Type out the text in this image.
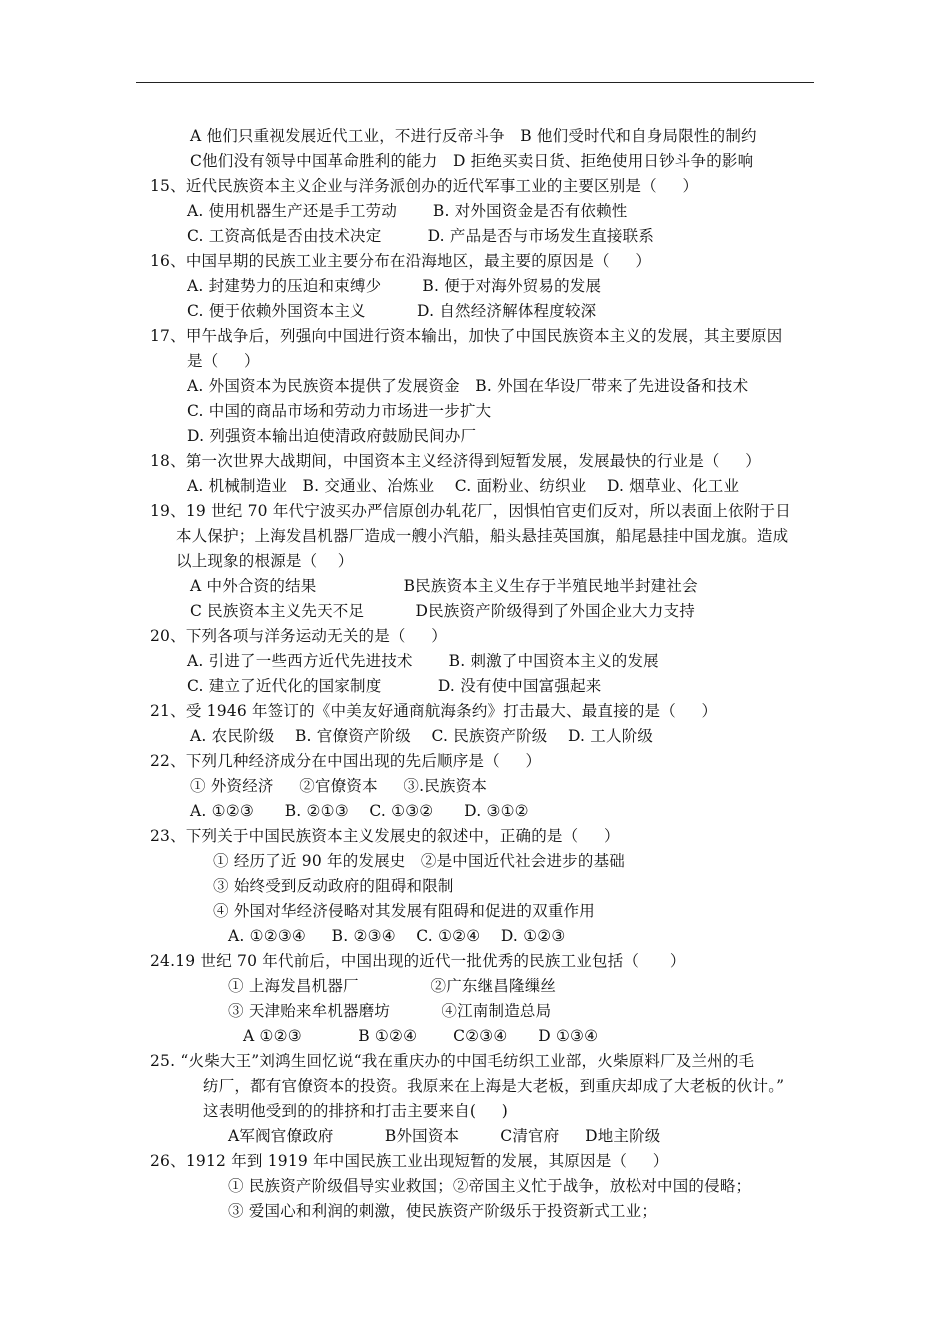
A 他们只重视发展近代工业，不进行反帝斗争   B 他们受时代和自身局限性的制约
C他们没有领导中国革命胜利的能力   D 拒绝买卖日货、拒绝使用日钞斗争的影响
15、近代民族资本主义企业与洋务派创办的近代军事工业的主要区别是（     ）
A. 使用机器生产还是手工劳动       B. 对外国资金是否有依赖性
C. 工资高低是否由技术决定         D. 产品是否与市场发生直接联系
16、中国早期的民族工业主要分布在沿海地区，最主要的原因是（     ）
A. 封建势力的压迫和束缚少        B. 便于对海外贸易的发展
C. 便于依赖外国资本主义          D. 自然经济解体程度较深
17、甲午战争后，列强向中国进行资本输出，加快了中国民族资本主义的发展，其主要原因
是（     ）
A. 外国资本为民族资本提供了发展资金   B. 外国在华设厂带来了先进设备和技术
C. 中国的商品市场和劳动力市场进一步扩大
D. 列强资本输出迫使清政府鼓励民间办厂
18、第一次世界大战期间，中国资本主义经济得到短暂发展，发展最快的行业是（     ）
A. 机械制造业   B. 交通业、冶炼业    C. 面粉业、纺织业    D. 烟草业、化工业
19、19 世纪 70 年代宁波买办严信原创办轧花厂，因惧怕官吏们反对，所以表面上依附于日
本人保护；上海发昌机器厂造成一艘小汽船，船头悬挂英国旗，船尾悬挂中国龙旗。造成
以上现象的根源是（    ）
A 中外合资的结果                 B民族资本主义生存于半殖民地半封建社会
C 民族资本主义先天不足          D民族资产阶级得到了外国企业大力支持
20、下列各项与洋务运动无关的是（     ）
A. 引进了一些西方近代先进技术       B. 刺激了中国资本主义的发展
C. 建立了近代化的国家制度           D. 没有使中国富强起来
21、受 1946 年签订的《中美友好通商航海条约》打击最大、最直接的是（     ）
A. 农民阶级    B. 官僚资产阶级    C. 民族资产阶级    D. 工人阶级
22、下列几种经济成分在中国出现的先后顺序是（     ）
① 外资经济     ②官僚资本     ③.民族资本
A. ①②③      B. ②①③    C. ①③②      D. ③①②
23、下列关于中国民族资本主义发展史的叙述中，正确的是（     ）
① 经历了近 90 年的发展史   ②是中国近代社会进步的基础
③ 始终受到反动政府的阻碍和限制
④ 外国对华经济侵略对其发展有阻碍和促进的双重作用
A. ①②③④     B. ②③④    C. ①②④    D. ①②③
24.19 世纪 70 年代前后，中国出现的近代一批优秀的民族工业包括（      ）
① 上海发昌机器厂              ②广东继昌隆缫丝
③ 天津贻来牟机器磨坊          ④江南制造总局
A ①②③           B ①②④       C②③④      D ①③④
25. “火柴大王”刘鸿生回忆说“我在重庆办的中国毛纺织工业部，火柴原料厂及兰州的毛
纺厂，都有官僚资本的投资。我原来在上海是大老板，到重庆却成了大老板的伙计。”
这表明他受到的的排挤和打击主要来自(     )
A军阀官僚政府          B外国资本        C清官府     D地主阶级
26、1912 年到 1919 年中国民族工业出现短暂的发展，其原因是（     ）
① 民族资产阶级倡导实业救国；②帝国主义忙于战争，放松对中国的侵略；
③ 爱国心和利润的刺激，使民族资产阶级乐于投资新式工业；
